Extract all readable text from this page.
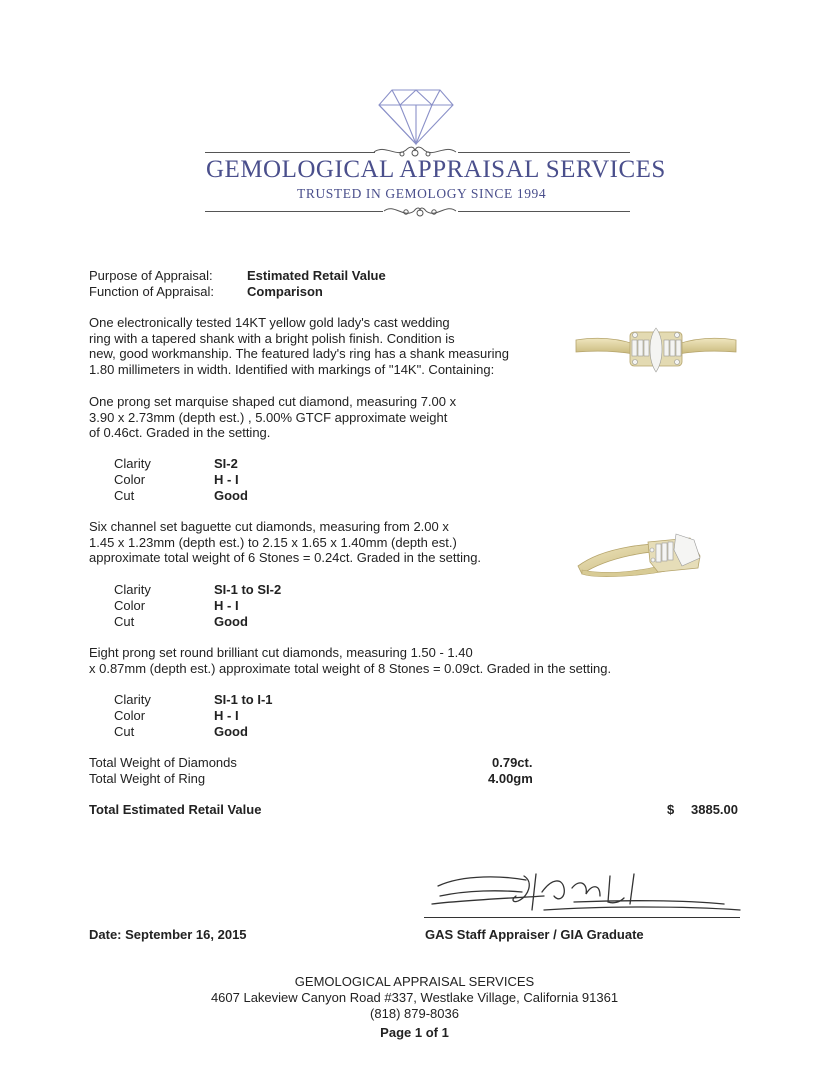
GEMOLOGICAL APPRAISAL SERVICES
TRUSTED IN GEMOLOGY SINCE 1994
Purpose of Appraisal:	Estimated Retail Value
Function of Appraisal:	Comparison
One electronically tested 14KT yellow gold lady's cast wedding
ring with a tapered shank with a bright polish finish. Condition is
new, good workmanship. The featured lady's ring has a shank measuring
1.80 millimeters in width. Identified with markings of "14K". Containing:
One prong set marquise shaped cut diamond, measuring 7.00 x
3.90 x 2.73mm (depth est.) , 5.00% GTCF approximate weight
of 0.46ct. Graded in the setting.
Clarity	SI-2
Color	H - I
Cut	Good
Six channel set baguette cut diamonds, measuring from 2.00 x
1.45 x 1.23mm (depth est.) to 2.15 x 1.65 x 1.40mm (depth est.)
approximate total weight of 6 Stones = 0.24ct. Graded in the setting.
Clarity	SI-1 to SI-2
Color	H - I
Cut	Good
Eight prong set round brilliant cut diamonds, measuring 1.50 - 1.40
x 0.87mm (depth est.) approximate total weight of 8 Stones = 0.09ct. Graded in the setting.
Clarity	SI-1 to I-1
Color	H - I
Cut	Good
Total Weight of Diamonds	0.79ct.
Total Weight of Ring	4.00gm
Total Estimated Retail Value	$ 3885.00
Date: September 16, 2015	GAS Staff Appraiser / GIA Graduate
GEMOLOGICAL APPRAISAL SERVICES
4607 Lakeview Canyon Road #337, Westlake Village, California 91361
(818) 879-8036
Page 1 of 1
